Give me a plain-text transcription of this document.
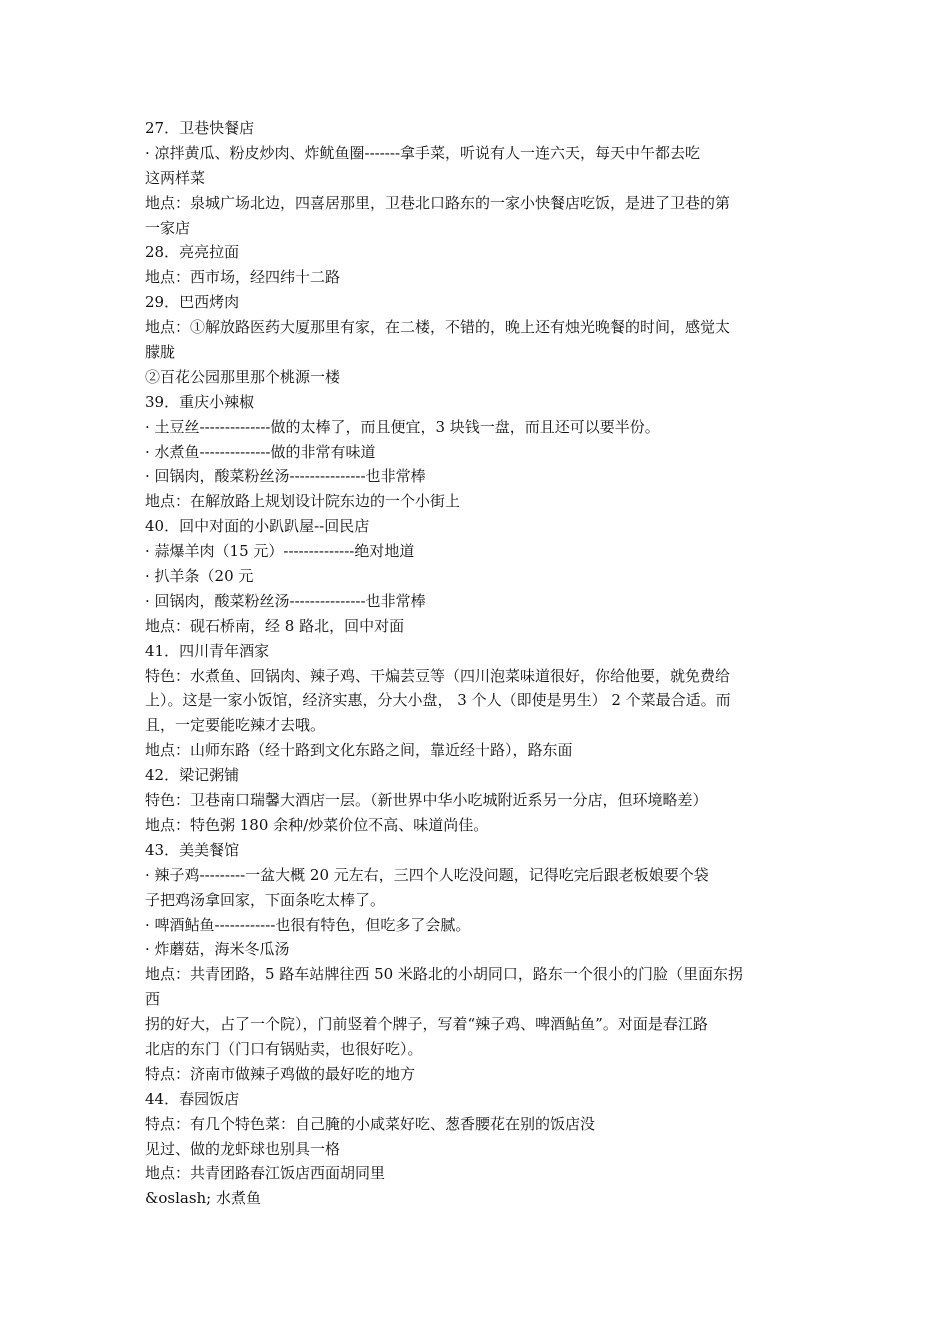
27．卫巷快餐店
· 凉拌黄瓜、粉皮炒肉、炸鱿鱼圈-------拿手菜，听说有人一连六天，每天中午都去吃
这两样菜
地点：泉城广场北边，四喜居那里，卫巷北口路东的一家小快餐店吃饭，是进了卫巷的第
一家店
28．亮亮拉面
地点：西市场，经四纬十二路
29．巴西烤肉
地点：①解放路医药大厦那里有家，在二楼，不错的，晚上还有烛光晚餐的时间，感觉太
朦胧
②百花公园那里那个桃源一楼
39．重庆小辣椒
· 土豆丝--------------做的太棒了，而且便宜，3 块钱一盘，而且还可以要半份。
· 水煮鱼--------------做的非常有味道
· 回锅肉，酸菜粉丝汤---------------也非常棒
地点：在解放路上规划设计院东边的一个小街上
40．回中对面的小趴趴屋--回民店
· 蒜爆羊肉（15 元）--------------绝对地道
· 扒羊条（20 元
· 回锅肉，酸菜粉丝汤---------------也非常棒
地点：砚石桥南，经 8 路北，回中对面
41．四川青年酒家
特色：水煮鱼、回锅肉、辣子鸡、干煸芸豆等（四川泡菜味道很好，你给他要，就免费给
上）。这是一家小饭馆，经济实惠，分大小盘， 3 个人（即使是男生） 2 个菜最合适。而
且，一定要能吃辣才去哦。
地点：山师东路（经十路到文化东路之间，靠近经十路），路东面
42．梁记粥铺
特色：卫巷南口瑞馨大酒店一层。（新世界中华小吃城附近系另一分店，但环境略差）
地点：特色粥 180 余种/炒菜价位不高、味道尚佳。
43．美美餐馆
· 辣子鸡---------一盆大概 20 元左右，三四个人吃没问题，记得吃完后跟老板娘要个袋
子把鸡汤拿回家，下面条吃太棒了。
· 啤酒鲇鱼------------也很有特色，但吃多了会腻。
· 炸蘑菇，海米冬瓜汤
地点：共青团路，5 路车站牌往西 50 米路北的小胡同口，路东一个很小的门脸（里面东拐
西
拐的好大，占了一个院），门前竖着个牌子，写着“辣子鸡、啤酒鲇鱼”。对面是春江路
北店的东门（门口有锅贴卖，也很好吃）。
特点：济南市做辣子鸡做的最好吃的地方
44．春园饭店
特点：有几个特色菜：自己腌的小咸菜好吃、葱香腰花在别的饭店没
见过、做的龙虾球也别具一格
地点：共青团路春江饭店西面胡同里
&oslash; 水煮鱼
